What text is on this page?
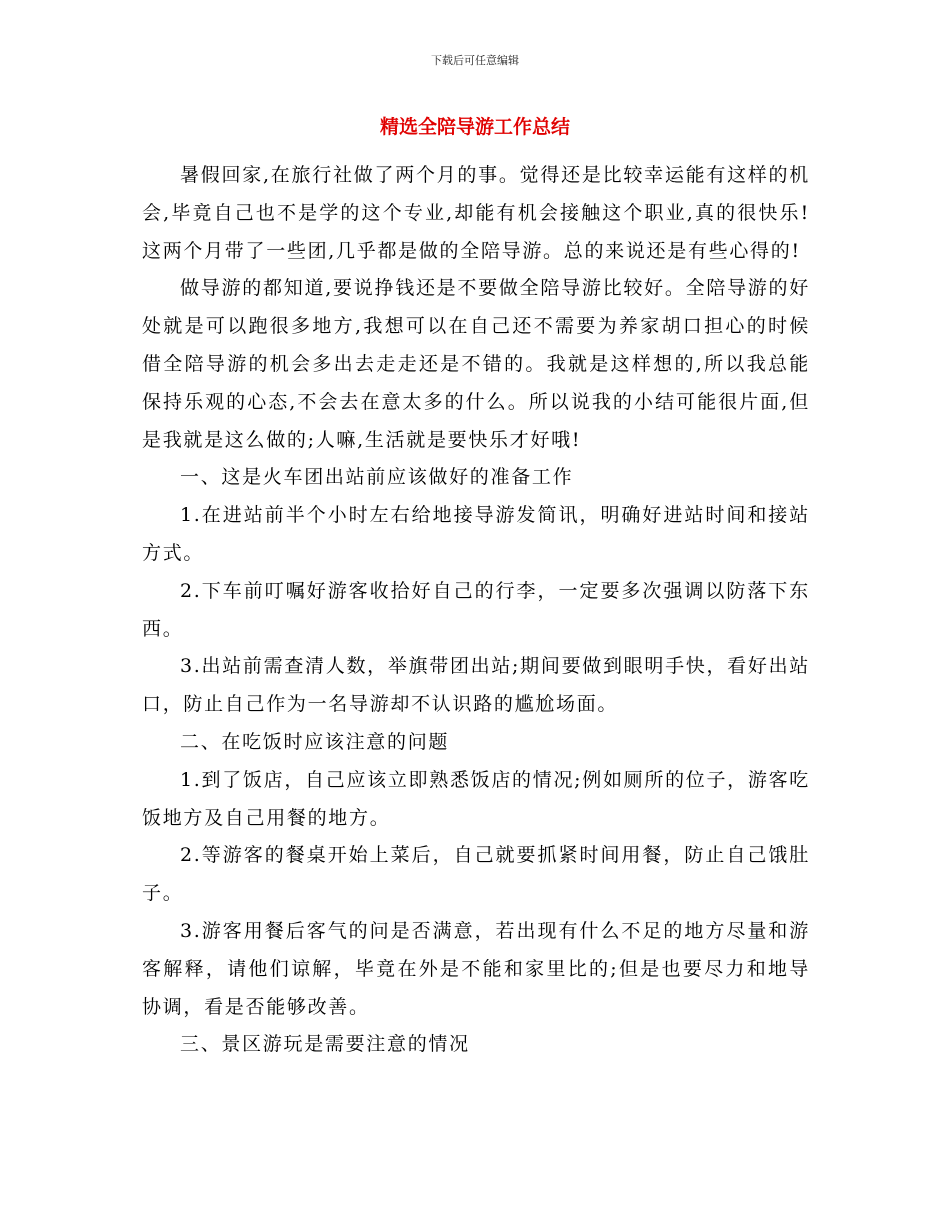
下载后可任意编辑
精选全陪导游工作总结

暑假回家,在旅行社做了两个月的事。觉得还是比较幸运能有这样的机会,毕竟自己也不是学的这个专业,却能有机会接触这个职业,真的很快乐!这两个月带了一些团,几乎都是做的全陪导游。总的来说还是有些心得的!

做导游的都知道,要说挣钱还是不要做全陪导游比较好。全陪导游的好处就是可以跑很多地方,我想可以在自己还不需要为养家胡口担心的时候借全陪导游的机会多出去走走还是不错的。我就是这样想的,所以我总能保持乐观的心态,不会去在意太多的什么。所以说我的小结可能很片面,但是我就是这么做的;人嘛,生活就是要快乐才好哦!

一、这是火车团出站前应该做好的准备工作

1.在进站前半个小时左右给地接导游发简讯，明确好进站时间和接站方式。

2.下车前叮嘱好游客收拾好自己的行李，一定要多次强调以防落下东西。

3.出站前需查清人数，举旗带团出站;期间要做到眼明手快，看好出站口，防止自己作为一名导游却不认识路的尴尬场面。

二、在吃饭时应该注意的问题

1.到了饭店，自己应该立即熟悉饭店的情况;例如厕所的位子，游客吃饭地方及自己用餐的地方。

2.等游客的餐桌开始上菜后，自己就要抓紧时间用餐，防止自己饿肚子。

3.游客用餐后客气的问是否满意，若出现有什么不足的地方尽量和游客解释，请他们谅解，毕竟在外是不能和家里比的;但是也要尽力和地导协调，看是否能够改善。

三、景区游玩是需要注意的情况
